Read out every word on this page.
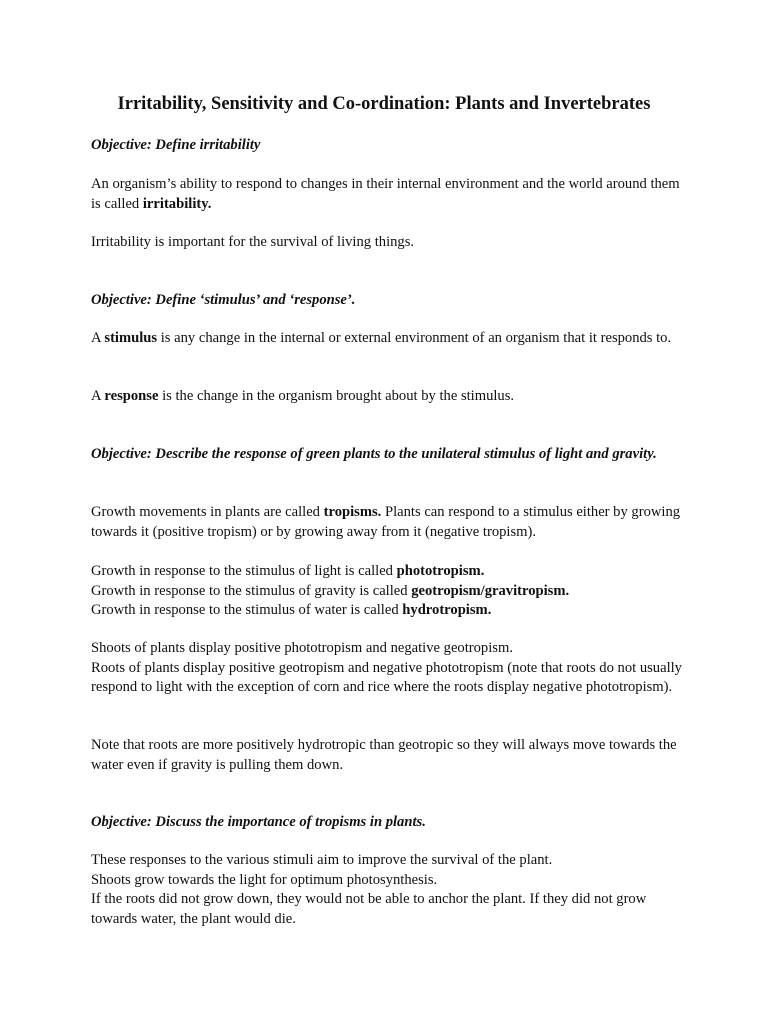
Irritability, Sensitivity and Co-ordination: Plants and Invertebrates

Objective: Define irritability

An organism’s ability to respond to changes in their internal environment and the world around them is called irritability.

Irritability is important for the survival of living things.

Objective: Define ‘stimulus’ and ‘response’.

A stimulus is any change in the internal or external environment of an organism that it responds to.

A response is the change in the organism brought about by the stimulus.

Objective: Describe the response of green plants to the unilateral stimulus of light and gravity.

Growth movements in plants are called tropisms. Plants can respond to a stimulus either by growing towards it (positive tropism) or by growing away from it (negative tropism).

Growth in response to the stimulus of light is called phototropism.
Growth in response to the stimulus of gravity is called geotropism/gravitropism.
Growth in response to the stimulus of water is called hydrotropism.
Shoots of plants display positive phototropism and negative geotropism.
Roots of plants display positive geotropism and negative phototropism (note that roots do not usually respond to light with the exception of corn and rice where the roots display negative phototropism).

Note that roots are more positively hydrotropic than geotropic so they will always move towards the water even if gravity is pulling them down.

Objective: Discuss the importance of tropisms in plants.

These responses to the various stimuli aim to improve the survival of the plant.
Shoots grow towards the light for optimum photosynthesis.
If the roots did not grow down, they would not be able to anchor the plant. If they did not grow towards water, the plant would die.
